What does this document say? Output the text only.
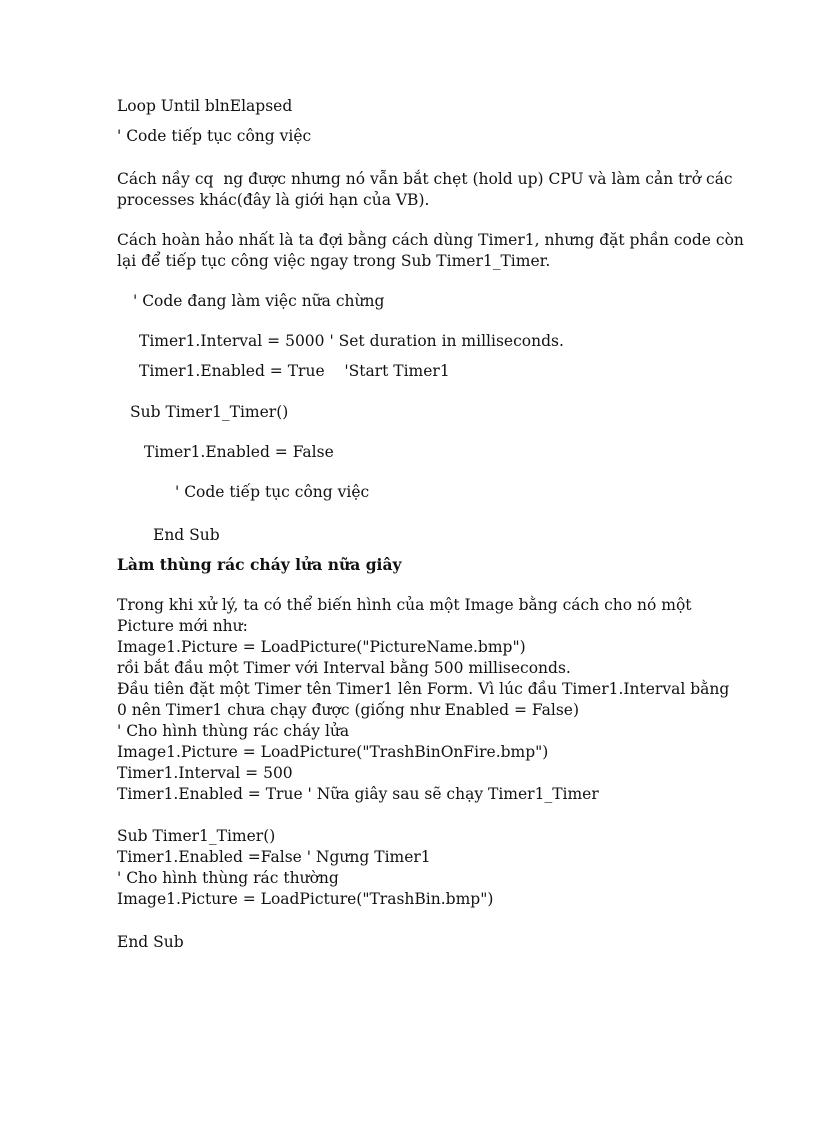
Loop Until blnElapsed
' Code tiếp tục công việc
Cách nầy cq  ng được nhưng nó vẫn bắt chẹt (hold up) CPU và làm cản trở các
processes khác(đây là giới hạn của VB).
Cách hoàn hảo nhất là ta đợi bằng cách dùng Timer1, nhưng đặt phần code còn
lại để tiếp tục công việc ngay trong Sub Timer1_Timer.
' Code đang làm việc nữa chừng
Timer1.Interval = 5000 ' Set duration in milliseconds.
Timer1.Enabled = True    'Start Timer1
Sub Timer1_Timer()
Timer1.Enabled = False
' Code tiếp tục công việc
End Sub
Làm thùng rác cháy lửa nữa giây
Trong khi xử lý, ta có thể biến hình của một Image bằng cách cho nó một
Picture mới như:
Image1.Picture = LoadPicture("PictureName.bmp")
rồi bắt đầu một Timer với Interval bằng 500 milliseconds.
Đầu tiên đặt một Timer tên Timer1 lên Form. Vì lúc đầu Timer1.Interval bằng
0 nên Timer1 chưa chạy được (giống như Enabled = False)
' Cho hình thùng rác cháy lửa
Image1.Picture = LoadPicture("TrashBinOnFire.bmp")
Timer1.Interval = 500
Timer1.Enabled = True ' Nữa giây sau sẽ chạy Timer1_Timer
Sub Timer1_Timer()
Timer1.Enabled =False ' Ngưng Timer1
' Cho hình thùng rác thường
Image1.Picture = LoadPicture("TrashBin.bmp")
End Sub
